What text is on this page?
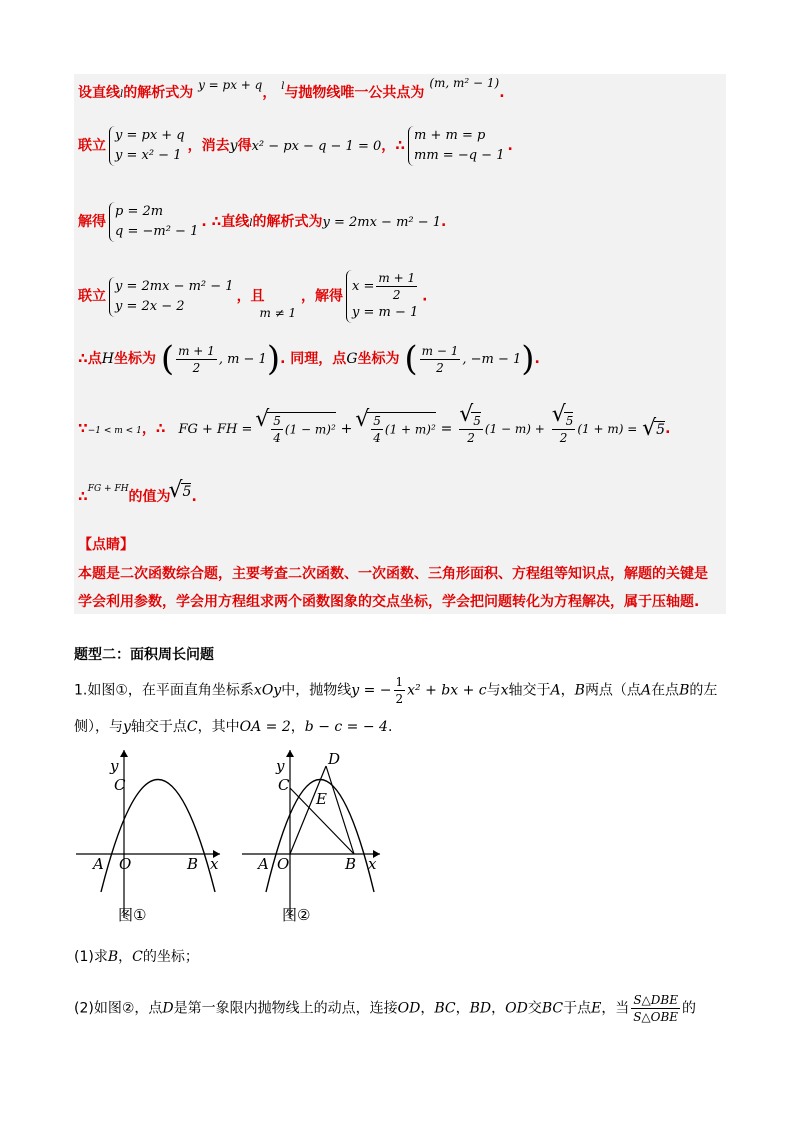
设直线l的解析式为 y = px + q， $^l$与抛物线唯一公共点为 (m, m² − 1).
联立
y = px + q
y = x² − 1
，消去y得x² − px − q − 1 = 0，∴
m + m = p
mm = −q − 1
.
解得
p = 2m
q = −m² − 1
. ∴直线l的解析式为y = 2mx − m² − 1.
联立
y = 2mx − m² − 1
y = 2x − 2
，且 m ≠ 1 ，解得
$x = \frac{m + 1}{2}$
y = m − 1
.
∴点H坐标为 ( $\frac{m + 1}{2}$ , m − 1). 同理，点G坐标为 ( $\frac{m - 1}{2}$ , −m − 1).
∵−1 < m < 1，∴ FG + FH = √ $\frac{5}{4} (1 - m)^2$ + √ $\frac{5}{4} (1 + m)^2$ = √ $\frac{5}{2} (1 - m)$ + √ $\frac{5}{2} (1 + m)$ = √ 5.
∴$^{FG + FH}$的值为 √ 5.
【点睛】
本题是二次函数综合题，主要考查二次函数、一次函数、三角形面积、方程组等知识点，解题的关键是学会利用参数，学会用方程组求两个函数图象的交点坐标，学会把问题转化为方程解决，属于压轴题.
题型二：面积周长问题
1.如图①，在平面直角坐标系xOy中，抛物线y = − $\frac{1}{2} x^2$ + bx + c与x轴交于A，B两点（点A在点B的左
侧），与y轴交于点C，其中OA = 2，b − c = − 4.
y
C
A O	B x
图①
y
C
D
E
A O	B x
图②
(1)求B，C的坐标；
(2)如图②，点D是第一象限内抛物线上的动点，连接OD，BC，BD，OD交BC于点E，当 $\frac{\text{S△DBE}}{\text{S△OBE}}$ 的
